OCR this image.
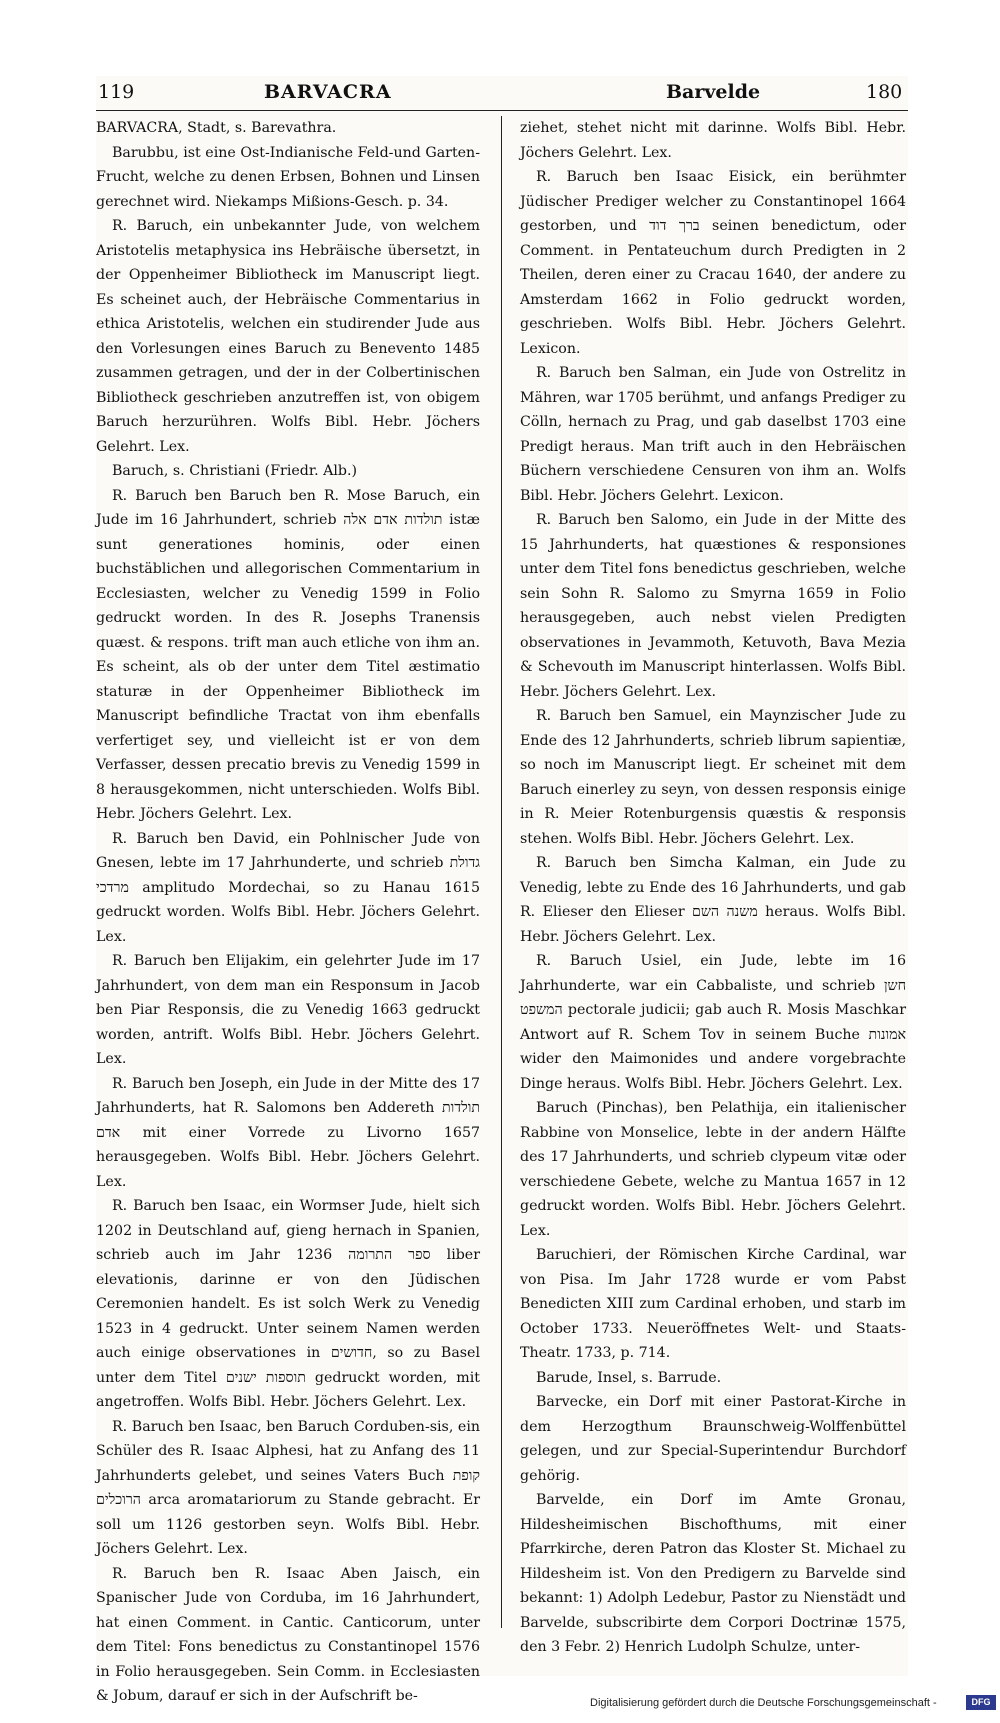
119	BARVACRA	Barvelde	180

BARVACRA, Stadt, s. Barevathra.

Barubbu, ist eine Ost-Indianische Feld-und Garten-Frucht, welche zu denen Erbsen, Bohnen und Linsen gerechnet wird. Niekamps Mißions-Gesch. p. 34.

R. Baruch, ein unbekannter Jude, von welchem Aristotelis metaphysica ins Hebräische übersetzt, in der Oppenheimer Bibliotheck im Manuscript liegt. Es scheinet auch, der Hebräische Commentarius in ethica Aristotelis, welchen ein studirender Jude aus den Vorlesungen eines Baruch zu Benevento 1485 zusammen getragen, und der in der Colbertinischen Bibliotheck geschrieben anzutreffen ist, von obigem Baruch herzurühren. Wolfs Bibl. Hebr. Jöchers Gelehrt. Lex.

Baruch, s. Christiani (Friedr. Alb.)

R. Baruch ben Baruch ben R. Mose Baruch, ein Jude im 16 Jahrhundert, schrieb תולדות אדם אלה istæ sunt generationes hominis, oder einen buchstäblichen und allegorischen Commentarium in Ecclesiasten, welcher zu Venedig 1599 in Folio gedruckt worden. In des R. Josephs Tranensis quæst. & respons. trift man auch etliche von ihm an. Es scheint, als ob der unter dem Titel æstimatio staturæ in der Oppenheimer Bibliotheck im Manuscript befindliche Tractat von ihm ebenfalls verfertiget sey, und vielleicht ist er von dem Verfasser, dessen precatio brevis zu Venedig 1599 in 8 herausgekommen, nicht unterschieden. Wolfs Bibl. Hebr. Jöchers Gelehrt. Lex.

R. Baruch ben David, ein Pohlnischer Jude von Gnesen, lebte im 17 Jahrhunderte, und schrieb גדולת מרדכי amplitudo Mordechai, so zu Hanau 1615 gedruckt worden. Wolfs Bibl. Hebr. Jöchers Gelehrt. Lex.

R. Baruch ben Elijakim, ein gelehrter Jude im 17 Jahrhundert, von dem man ein Responsum in Jacob ben Piar Responsis, die zu Venedig 1663 gedruckt worden, antrift. Wolfs Bibl. Hebr. Jöchers Gelehrt. Lex.

R. Baruch ben Joseph, ein Jude in der Mitte des 17 Jahrhunderts, hat R. Salomons ben Addereth תולדות אדם mit einer Vorrede zu Livorno 1657 herausgegeben. Wolfs Bibl. Hebr. Jöchers Gelehrt. Lex.

R. Baruch ben Isaac, ein Wormser Jude, hielt sich 1202 in Deutschland auf, gieng hernach in Spanien, schrieb auch im Jahr 1236 ספר התרומה liber elevationis, darinne er von den Jüdischen Ceremonien handelt. Es ist solch Werk zu Venedig 1523 in 4 gedruckt. Unter seinem Namen werden auch einige observationes in חדושים, so zu Basel unter dem Titel תוספות ישנים gedruckt worden, mit angetroffen. Wolfs Bibl. Hebr. Jöchers Gelehrt. Lex.

R. Baruch ben Isaac, ben Baruch Corduben-sis, ein Schüler des R. Isaac Alphesi, hat zu Anfang des 11 Jahrhunderts gelebet, und seines Vaters Buch קופת הרוכלים arca aromatariorum zu Stande gebracht. Er soll um 1126 gestorben seyn. Wolfs Bibl. Hebr. Jöchers Gelehrt. Lex.

R. Baruch ben R. Isaac Aben Jaisch, ein Spanischer Jude von Corduba, im 16 Jahrhundert, hat einen Comment. in Cantic. Canticorum, unter dem Titel: Fons benedictus zu Constantinopel 1576 in Folio herausgegeben. Sein Comm. in Ecclesiasten & Jobum, darauf er sich in der Aufschrift be-

ziehet, stehet nicht mit darinne. Wolfs Bibl. Hebr. Jöchers Gelehrt. Lex.

R. Baruch ben Isaac Eisick, ein berühmter Jüdischer Prediger welcher zu Constantinopel 1664 gestorben, und ברך דוד seinen benedictum, oder Comment. in Pentateuchum durch Predigten in 2 Theilen, deren einer zu Cracau 1640, der andere zu Amsterdam 1662 in Folio gedruckt worden, geschrieben. Wolfs Bibl. Hebr. Jöchers Gelehrt. Lexicon.

R. Baruch ben Salman, ein Jude von Ostrelitz in Mähren, war 1705 berühmt, und anfangs Prediger zu Cölln, hernach zu Prag, und gab daselbst 1703 eine Predigt heraus. Man trift auch in den Hebräischen Büchern verschiedene Censuren von ihm an. Wolfs Bibl. Hebr. Jöchers Gelehrt. Lexicon.

R. Baruch ben Salomo, ein Jude in der Mitte des 15 Jahrhunderts, hat quæstiones & responsiones unter dem Titel fons benedictus geschrieben, welche sein Sohn R. Salomo zu Smyrna 1659 in Folio herausgegeben, auch nebst vielen Predigten observationes in Jevammoth, Ketuvoth, Bava Mezia & Schevouth im Manuscript hinterlassen. Wolfs Bibl. Hebr. Jöchers Gelehrt. Lex.

R. Baruch ben Samuel, ein Maynzischer Jude zu Ende des 12 Jahrhunderts, schrieb librum sapientiæ, so noch im Manuscript liegt. Er scheinet mit dem Baruch einerley zu seyn, von dessen responsis einige in R. Meier Rotenburgensis quæstis & responsis stehen. Wolfs Bibl. Hebr. Jöchers Gelehrt. Lex.

R. Baruch ben Simcha Kalman, ein Jude zu Venedig, lebte zu Ende des 16 Jahrhunderts, und gab R. Elieser den Elieser משנה השם heraus. Wolfs Bibl. Hebr. Jöchers Gelehrt. Lex.

R. Baruch Usiel, ein Jude, lebte im 16 Jahrhunderte, war ein Cabbaliste, und schrieb חשן המשפט pectorale judicii; gab auch R. Mosis Maschkar Antwort auf R. Schem Tov in seinem Buche אמונות wider den Maimonides und andere vorgebrachte Dinge heraus. Wolfs Bibl. Hebr. Jöchers Gelehrt. Lex.

Baruch (Pinchas), ben Pelathija, ein italienischer Rabbine von Monselice, lebte in der andern Hälfte des 17 Jahrhunderts, und schrieb clypeum vitæ oder verschiedene Gebete, welche zu Mantua 1657 in 12 gedruckt worden. Wolfs Bibl. Hebr. Jöchers Gelehrt. Lex.

Baruchieri, der Römischen Kirche Cardinal, war von Pisa. Im Jahr 1728 wurde er vom Pabst Benedicten XIII zum Cardinal erhoben, und starb im October 1733. Neueröffnetes Welt- und Staats-Theatr. 1733, p. 714.

Barude, Insel, s. Barrude.

Barvecke, ein Dorf mit einer Pastorat-Kirche in dem Herzogthum Braunschweig-Wolffenbüttel gelegen, und zur Special-Superintendur Burchdorf gehörig.

Barvelde, ein Dorf im Amte Gronau, Hildesheimischen Bischofthums, mit einer Pfarrkirche, deren Patron das Kloster St. Michael zu Hildesheim ist. Von den Predigern zu Barvelde sind bekannt: 1) Adolph Ledebur, Pastor zu Nienstädt und Barvelde, subscribirte dem Corpori Doctrinæ 1575, den 3 Febr. 2) Henrich Ludolph Schulze, unter-

Digitalisierung gefördert durch die Deutsche Forschungsgemeinschaft -	DFG
